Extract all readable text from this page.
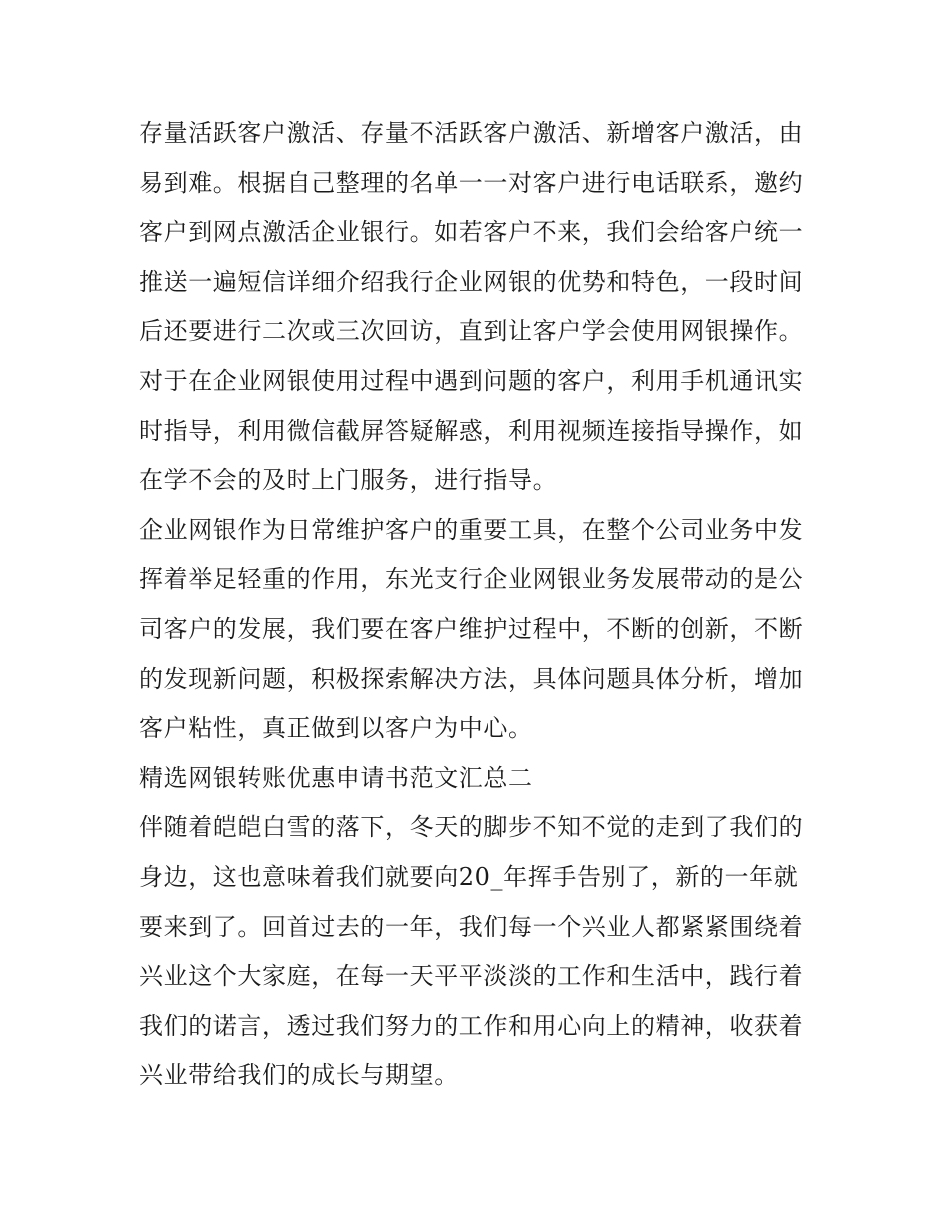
存量活跃客户激活、存量不活跃客户激活、新增客户激活，由
易到难。根据自己整理的名单一一对客户进行电话联系，邀约
客户到网点激活企业银行。如若客户不来，我们会给客户统一
推送一遍短信详细介绍我行企业网银的优势和特色，一段时间
后还要进行二次或三次回访，直到让客户学会使用网银操作。
对于在企业网银使用过程中遇到问题的客户，利用手机通讯实
时指导，利用微信截屏答疑解惑，利用视频连接指导操作，如
在学不会的及时上门服务，进行指导。
企业网银作为日常维护客户的重要工具，在整个公司业务中发
挥着举足轻重的作用，东光支行企业网银业务发展带动的是公
司客户的发展，我们要在客户维护过程中，不断的创新，不断
的发现新问题，积极探索解决方法，具体问题具体分析，增加
客户粘性，真正做到以客户为中心。
精选网银转账优惠申请书范文汇总二
伴随着皑皑白雪的落下，冬天的脚步不知不觉的走到了我们的
身边，这也意味着我们就要向20_年挥手告别了，新的一年就
要来到了。回首过去的一年，我们每一个兴业人都紧紧围绕着
兴业这个大家庭，在每一天平平淡淡的工作和生活中，践行着
我们的诺言，透过我们努力的工作和用心向上的精神，收获着
兴业带给我们的成长与期望。
